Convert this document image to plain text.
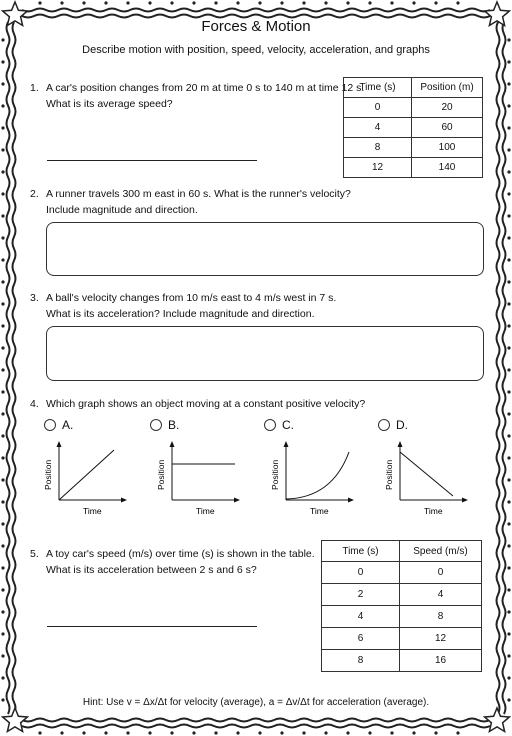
Forces & Motion
Describe motion with position, speed, velocity, acceleration, and graphs
1. A car's position changes from 20 m at time 0 s to 140 m at time 12 s.
What is its average speed?
Time (s)	Position (m)
0	20
4	60
8	100
12	140
2. A runner travels 300 m east in 60 s. What is the runner's velocity?
Include magnitude and direction.
3. A ball's velocity changes from 10 m/s east to 4 m/s west in 7 s.
What is its acceleration? Include magnitude and direction.
4. Which graph shows an object moving at a constant positive velocity?
A.
Position
Time
B.
Position
Time
C.
Position
Time
D.
Position
Time
5. A toy car's speed (m/s) over time (s) is shown in the table.
What is its acceleration between 2 s and 6 s?
Time (s)	Speed (m/s)
0	0
2	4
4	8
6	12
8	16
Hint: Use v = Δx/Δt for velocity (average), a = Δv/Δt for acceleration (average).
